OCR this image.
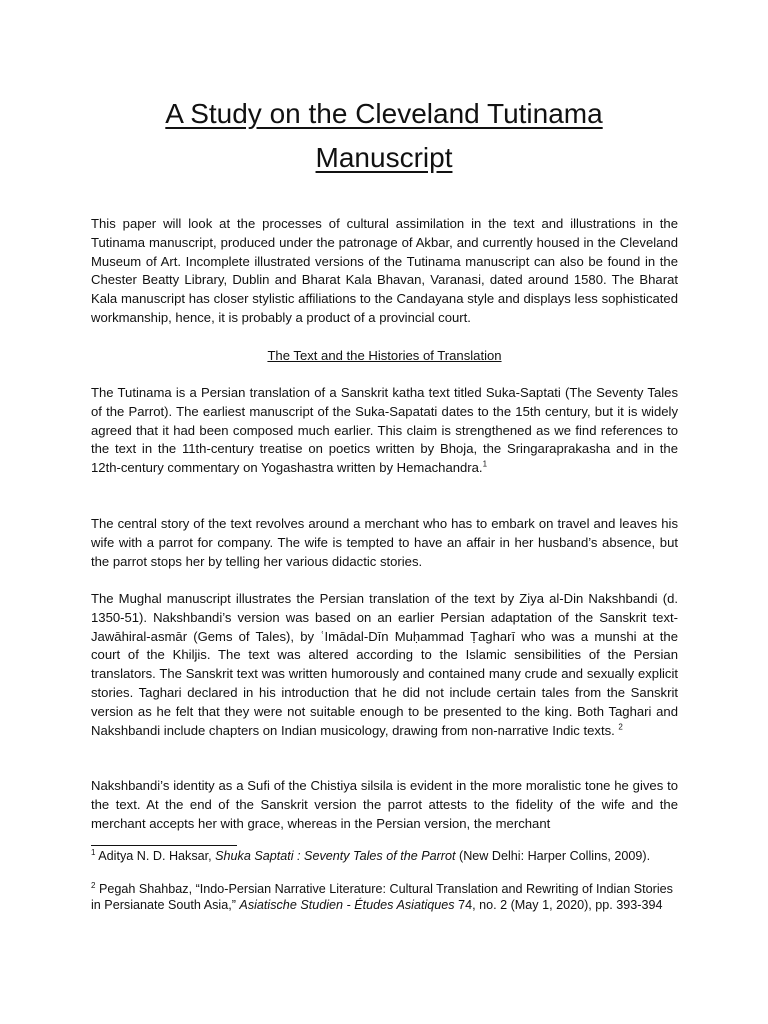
A Study on the Cleveland Tutinama
Manuscript

This paper will look at the processes of cultural assimilation in the text and illustrations in the Tutinama manuscript, produced under the patronage of Akbar, and currently housed in the Cleveland Museum of Art. Incomplete illustrated versions of the Tutinama manuscript can also be found in the Chester Beatty Library, Dublin and Bharat Kala Bhavan, Varanasi, dated around 1580. The Bharat Kala manuscript has closer stylistic affiliations to the Candayana style and displays less sophisticated workmanship, hence, it is probably a product of a provincial court.

The Text and the Histories of Translation

The Tutinama is a Persian translation of a Sanskrit katha text titled Suka-Saptati (The Seventy Tales of the Parrot). The earliest manuscript of the Suka-Sapatati dates to the 15th century, but it is widely agreed that it had been composed much earlier. This claim is strengthened as we find references to the text in the 11th-century treatise on poetics written by Bhoja, the Sringaraprakasha and in the 12th-century commentary on Yogashastra written by Hemachandra.$^1$

The central story of the text revolves around a merchant who has to embark on travel and leaves his wife with a parrot for company. The wife is tempted to have an affair in her husband’s absence, but the parrot stops her by telling her various didactic stories.

The Mughal manuscript illustrates the Persian translation of the text by Ziya al-Din Nakshbandi (d. 1350-51). Nakshbandi’s version was based on an earlier Persian adaptation of the Sanskrit text- Jawāhiral-asmār (Gems of Tales), by ʿImādal-Dīn Muḥammad Ṭagharī who was a munshi at the court of the Khiljis. The text was altered according to the Islamic sensibilities of the Persian translators. The Sanskrit text was written humorously and contained many crude and sexually explicit stories. Taghari declared in his introduction that he did not include certain tales from the Sanskrit version as he felt that they were not suitable enough to be presented to the king. Both Taghari and Nakshbandi include chapters on Indian musicology, drawing from non-narrative Indic texts. $^2$

Nakshbandi’s identity as a Sufi of the Chistiya silsila is evident in the more moralistic tone he gives to the text. At the end of the Sanskrit version the parrot attests to the fidelity of the wife and the merchant accepts her with grace, whereas in the Persian version, the merchant

$^1$ Aditya N. D. Haksar, Shuka Saptati : Seventy Tales of the Parrot (New Delhi: Harper Collins, 2009).

$^2$ Pegah Shahbaz, “Indo-Persian Narrative Literature: Cultural Translation and Rewriting of Indian Stories in Persianate South Asia,” Asiatische Studien - Études Asiatiques 74, no. 2 (May 1, 2020), pp. 393-394
